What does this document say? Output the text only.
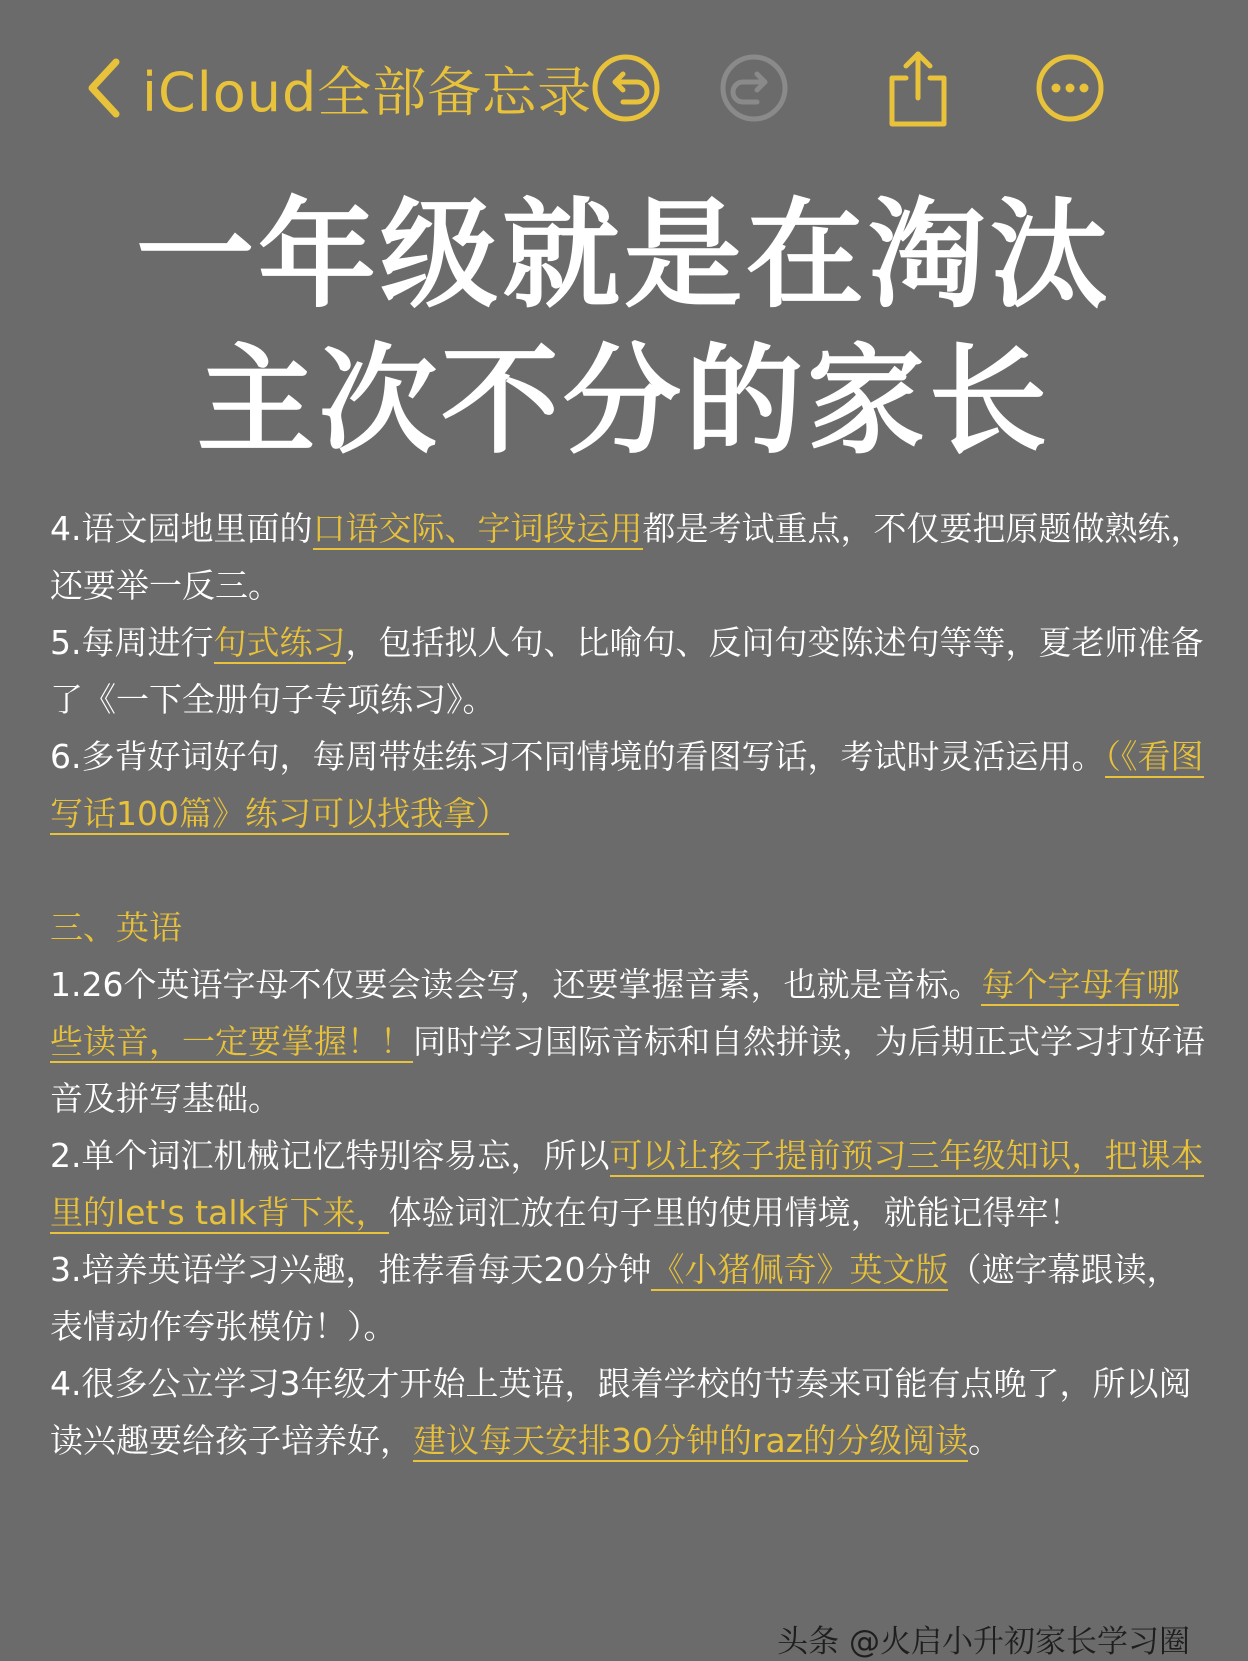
iCloud全部备忘录
一年级就是在淘汰
主次不分的家长

4.语文园地里面的口语交际、字词段运用都是考试重点，不仅要把原题做熟练，还要举一反三。

5.每周进行句式练习，包括拟人句、比喻句、反问句变陈述句等等，夏老师准备了《一下全册句子专项练习》。

6.多背好词好句，每周带娃练习不同情境的看图写话，考试时灵活运用。（《看图写话100篇》练习可以找我拿）

三、英语

1.26个英语字母不仅要会读会写，还要掌握音素，也就是音标。每个字母有哪些读音，一定要掌握！！同时学习国际音标和自然拼读，为后期正式学习打好语音及拼写基础。

2.单个词汇机械记忆特别容易忘，所以可以让孩子提前预习三年级知识，把课本里的let's talk背下来，体验词汇放在句子里的使用情境，就能记得牢！

3.培养英语学习兴趣，推荐看每天20分钟《小猪佩奇》英文版（遮字幕跟读，表情动作夸张模仿！）。

4.很多公立学习3年级才开始上英语，跟着学校的节奏来可能有点晚了，所以阅读兴趣要给孩子培养好，建议每天安排30分钟的raz的分级阅读。

头条 @火启小升初家长学习圈
